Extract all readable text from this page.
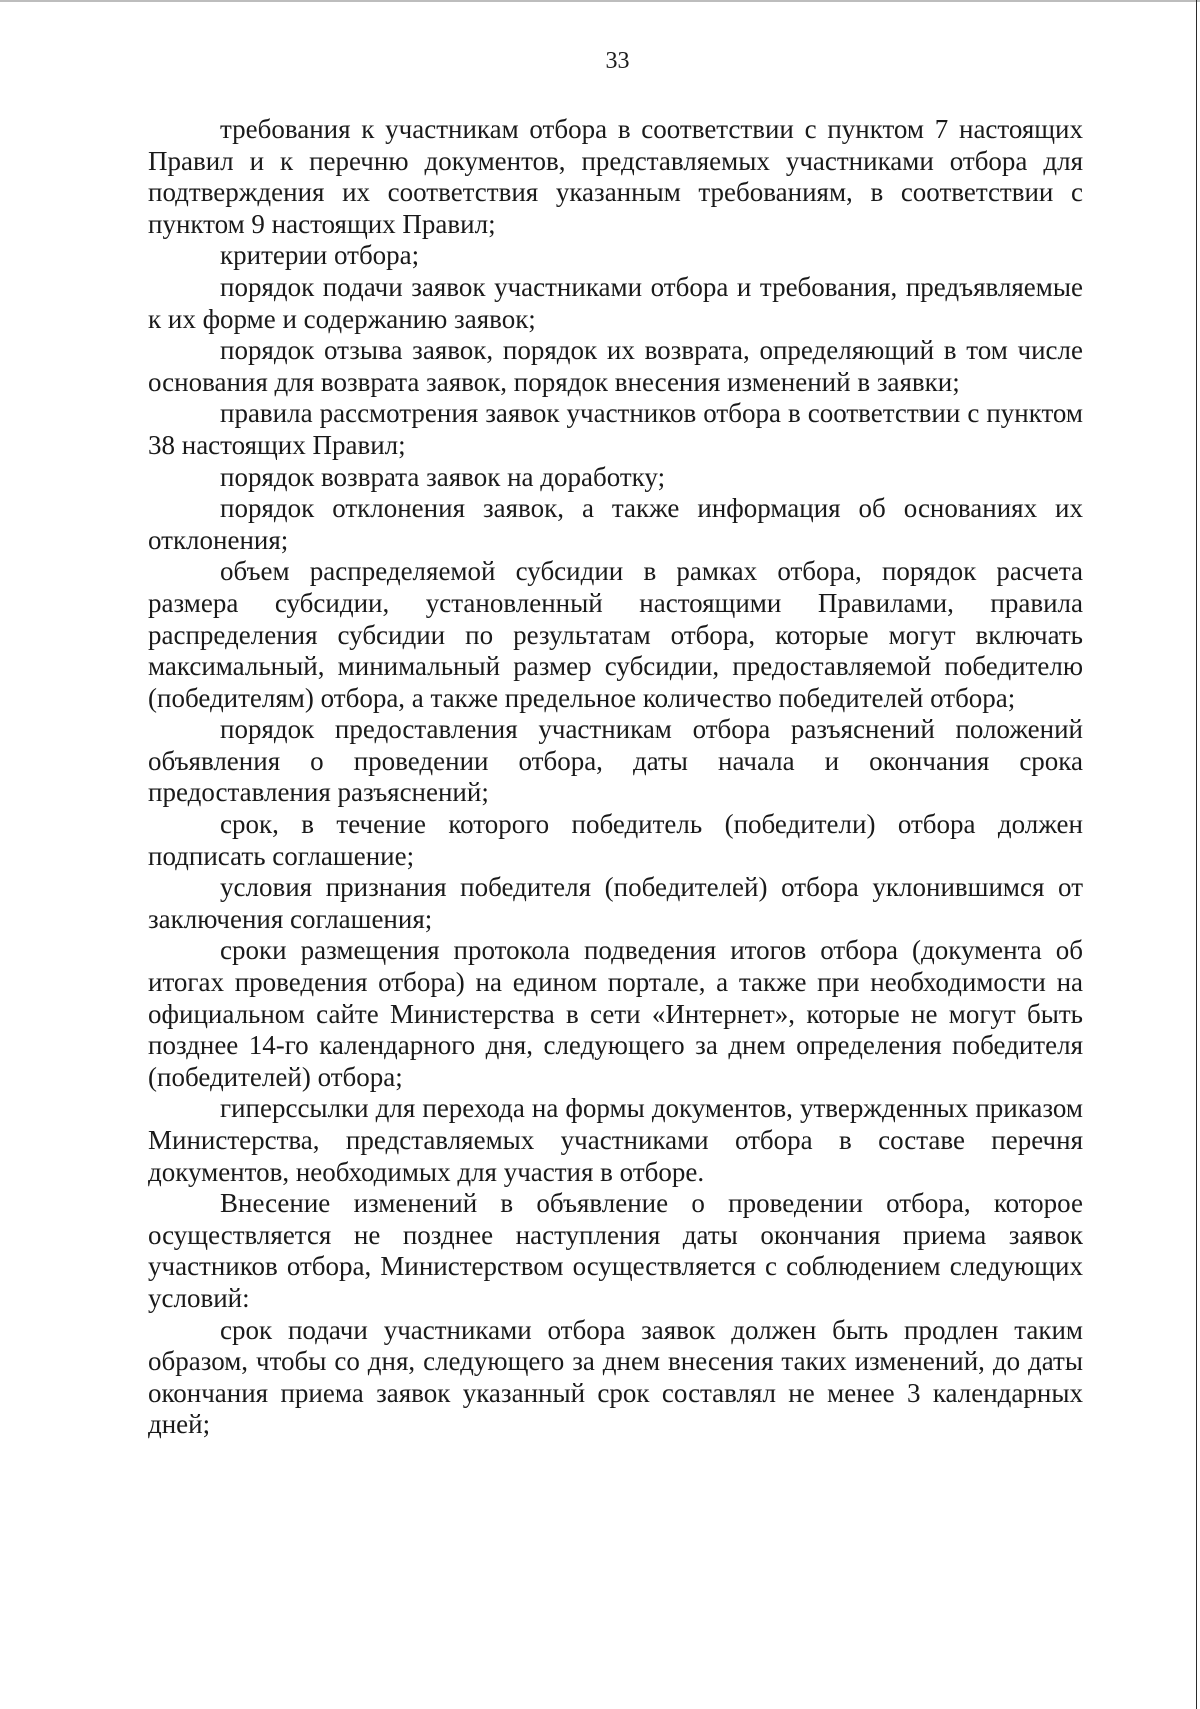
33

требования к участникам отбора в соответствии с пунктом 7 настоящих Правил и к перечню документов, представляемых участниками отбора для подтверждения их соответствия указанным требованиям, в соответствии с пунктом 9 настоящих Правил;

критерии отбора;

порядок подачи заявок участниками отбора и требования, предъявляемые к их форме и содержанию заявок;

порядок отзыва заявок, порядок их возврата, определяющий в том числе основания для возврата заявок, порядок внесения изменений в заявки;

правила рассмотрения заявок участников отбора в соответствии с пунктом 38 настоящих Правил;

порядок возврата заявок на доработку;

порядок отклонения заявок, а также информация об основаниях их отклонения;

объем распределяемой субсидии в рамках отбора, порядок расчета размера субсидии, установленный настоящими Правилами, правила распределения субсидии по результатам отбора, которые могут включать максимальный, минимальный размер субсидии, предоставляемой победителю (победителям) отбора, а также предельное количество победителей отбора;

порядок предоставления участникам отбора разъяснений положений объявления о проведении отбора, даты начала и окончания срока предоставления разъяснений;

срок, в течение которого победитель (победители) отбора должен подписать соглашение;

условия признания победителя (победителей) отбора уклонившимся от заключения соглашения;

сроки размещения протокола подведения итогов отбора (документа об итогах проведения отбора) на едином портале, а также при необходимости на официальном сайте Министерства в сети «Интернет», которые не могут быть позднее 14-го календарного дня, следующего за днем определения победителя (победителей) отбора;

гиперссылки для перехода на формы документов, утвержденных приказом Министерства, представляемых участниками отбора в составе перечня документов, необходимых для участия в отборе.

Внесение изменений в объявление о проведении отбора, которое осуществляется не позднее наступления даты окончания приема заявок участников отбора, Министерством осуществляется с соблюдением следующих условий:

срок подачи участниками отбора заявок должен быть продлен таким образом, чтобы со дня, следующего за днем внесения таких изменений, до даты окончания приема заявок указанный срок составлял не менее 3 календарных дней;
